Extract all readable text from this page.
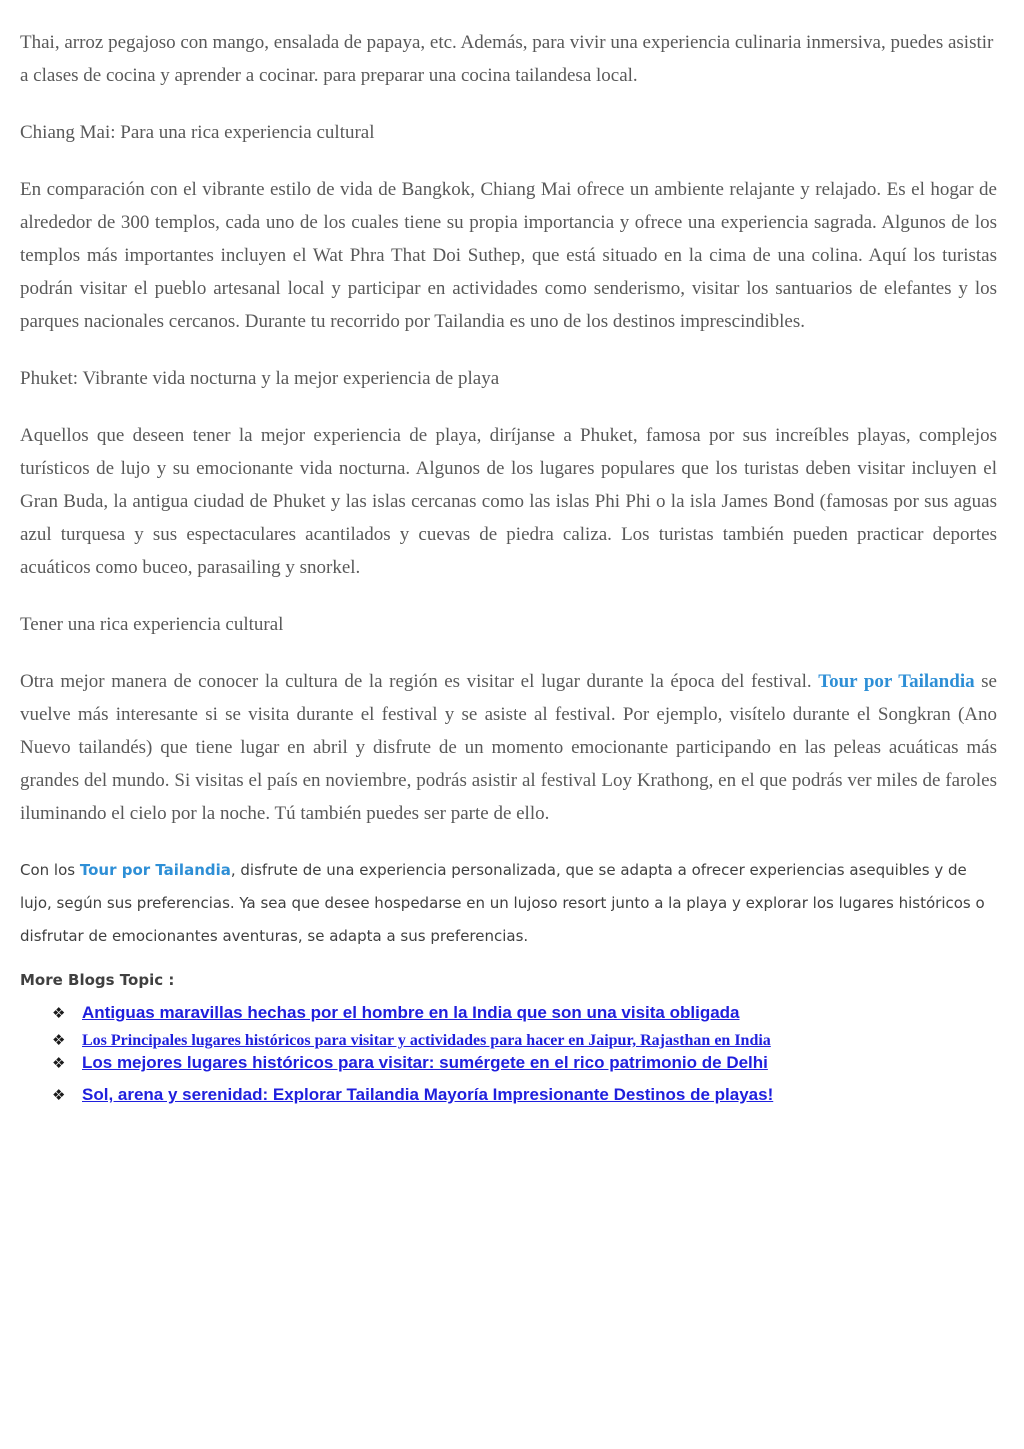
Thai, arroz pegajoso con mango, ensalada de papaya, etc. Además, para vivir una experiencia culinaria inmersiva, puedes asistir a clases de cocina y aprender a cocinar. para preparar una cocina tailandesa local.

Chiang Mai: Para una rica experiencia cultural

En comparación con el vibrante estilo de vida de Bangkok, Chiang Mai ofrece un ambiente relajante y relajado. Es el hogar de alrededor de 300 templos, cada uno de los cuales tiene su propia importancia y ofrece una experiencia sagrada. Algunos de los templos más importantes incluyen el Wat Phra That Doi Suthep, que está situado en la cima de una colina. Aquí los turistas podrán visitar el pueblo artesanal local y participar en actividades como senderismo, visitar los santuarios de elefantes y los parques nacionales cercanos. Durante tu recorrido por Tailandia es uno de los destinos imprescindibles.

Phuket: Vibrante vida nocturna y la mejor experiencia de playa

Aquellos que deseen tener la mejor experiencia de playa, diríjanse a Phuket, famosa por sus increíbles playas, complejos turísticos de lujo y su emocionante vida nocturna. Algunos de los lugares populares que los turistas deben visitar incluyen el Gran Buda, la antigua ciudad de Phuket y las islas cercanas como las islas Phi Phi o la isla James Bond (famosas por sus aguas azul turquesa y sus espectaculares acantilados y cuevas de piedra caliza. Los turistas también pueden practicar deportes acuáticos como buceo, parasailing y snorkel.

Tener una rica experiencia cultural

Otra mejor manera de conocer la cultura de la región es visitar el lugar durante la época del festival. Tour por Tailandia se vuelve más interesante si se visita durante el festival y se asiste al festival. Por ejemplo, visítelo durante el Songkran (Ano Nuevo tailandés) que tiene lugar en abril y disfrute de un momento emocionante participando en las peleas acuáticas más grandes del mundo. Si visitas el país en noviembre, podrás asistir al festival Loy Krathong, en el que podrás ver miles de faroles iluminando el cielo por la noche. Tú también puedes ser parte de ello.

Con los Tour por Tailandia, disfrute de una experiencia personalizada, que se adapta a ofrecer experiencias asequibles y de lujo, según sus preferencias. Ya sea que desee hospedarse en un lujoso resort junto a la playa y explorar los lugares históricos o disfrutar de emocionantes aventuras, se adapta a sus preferencias.

More Blogs Topic :

❖ Antiguas maravillas hechas por el hombre en la India que son una visita obligada
❖	Los Principales lugares históricos para visitar y actividades para hacer en Jaipur, Rajasthan en India
❖ Los mejores lugares históricos para visitar: sumérgete en el rico patrimonio de Delhi
❖ Sol, arena y serenidad: Explorar Tailandia Mayoría Impresionante Destinos de playas!
